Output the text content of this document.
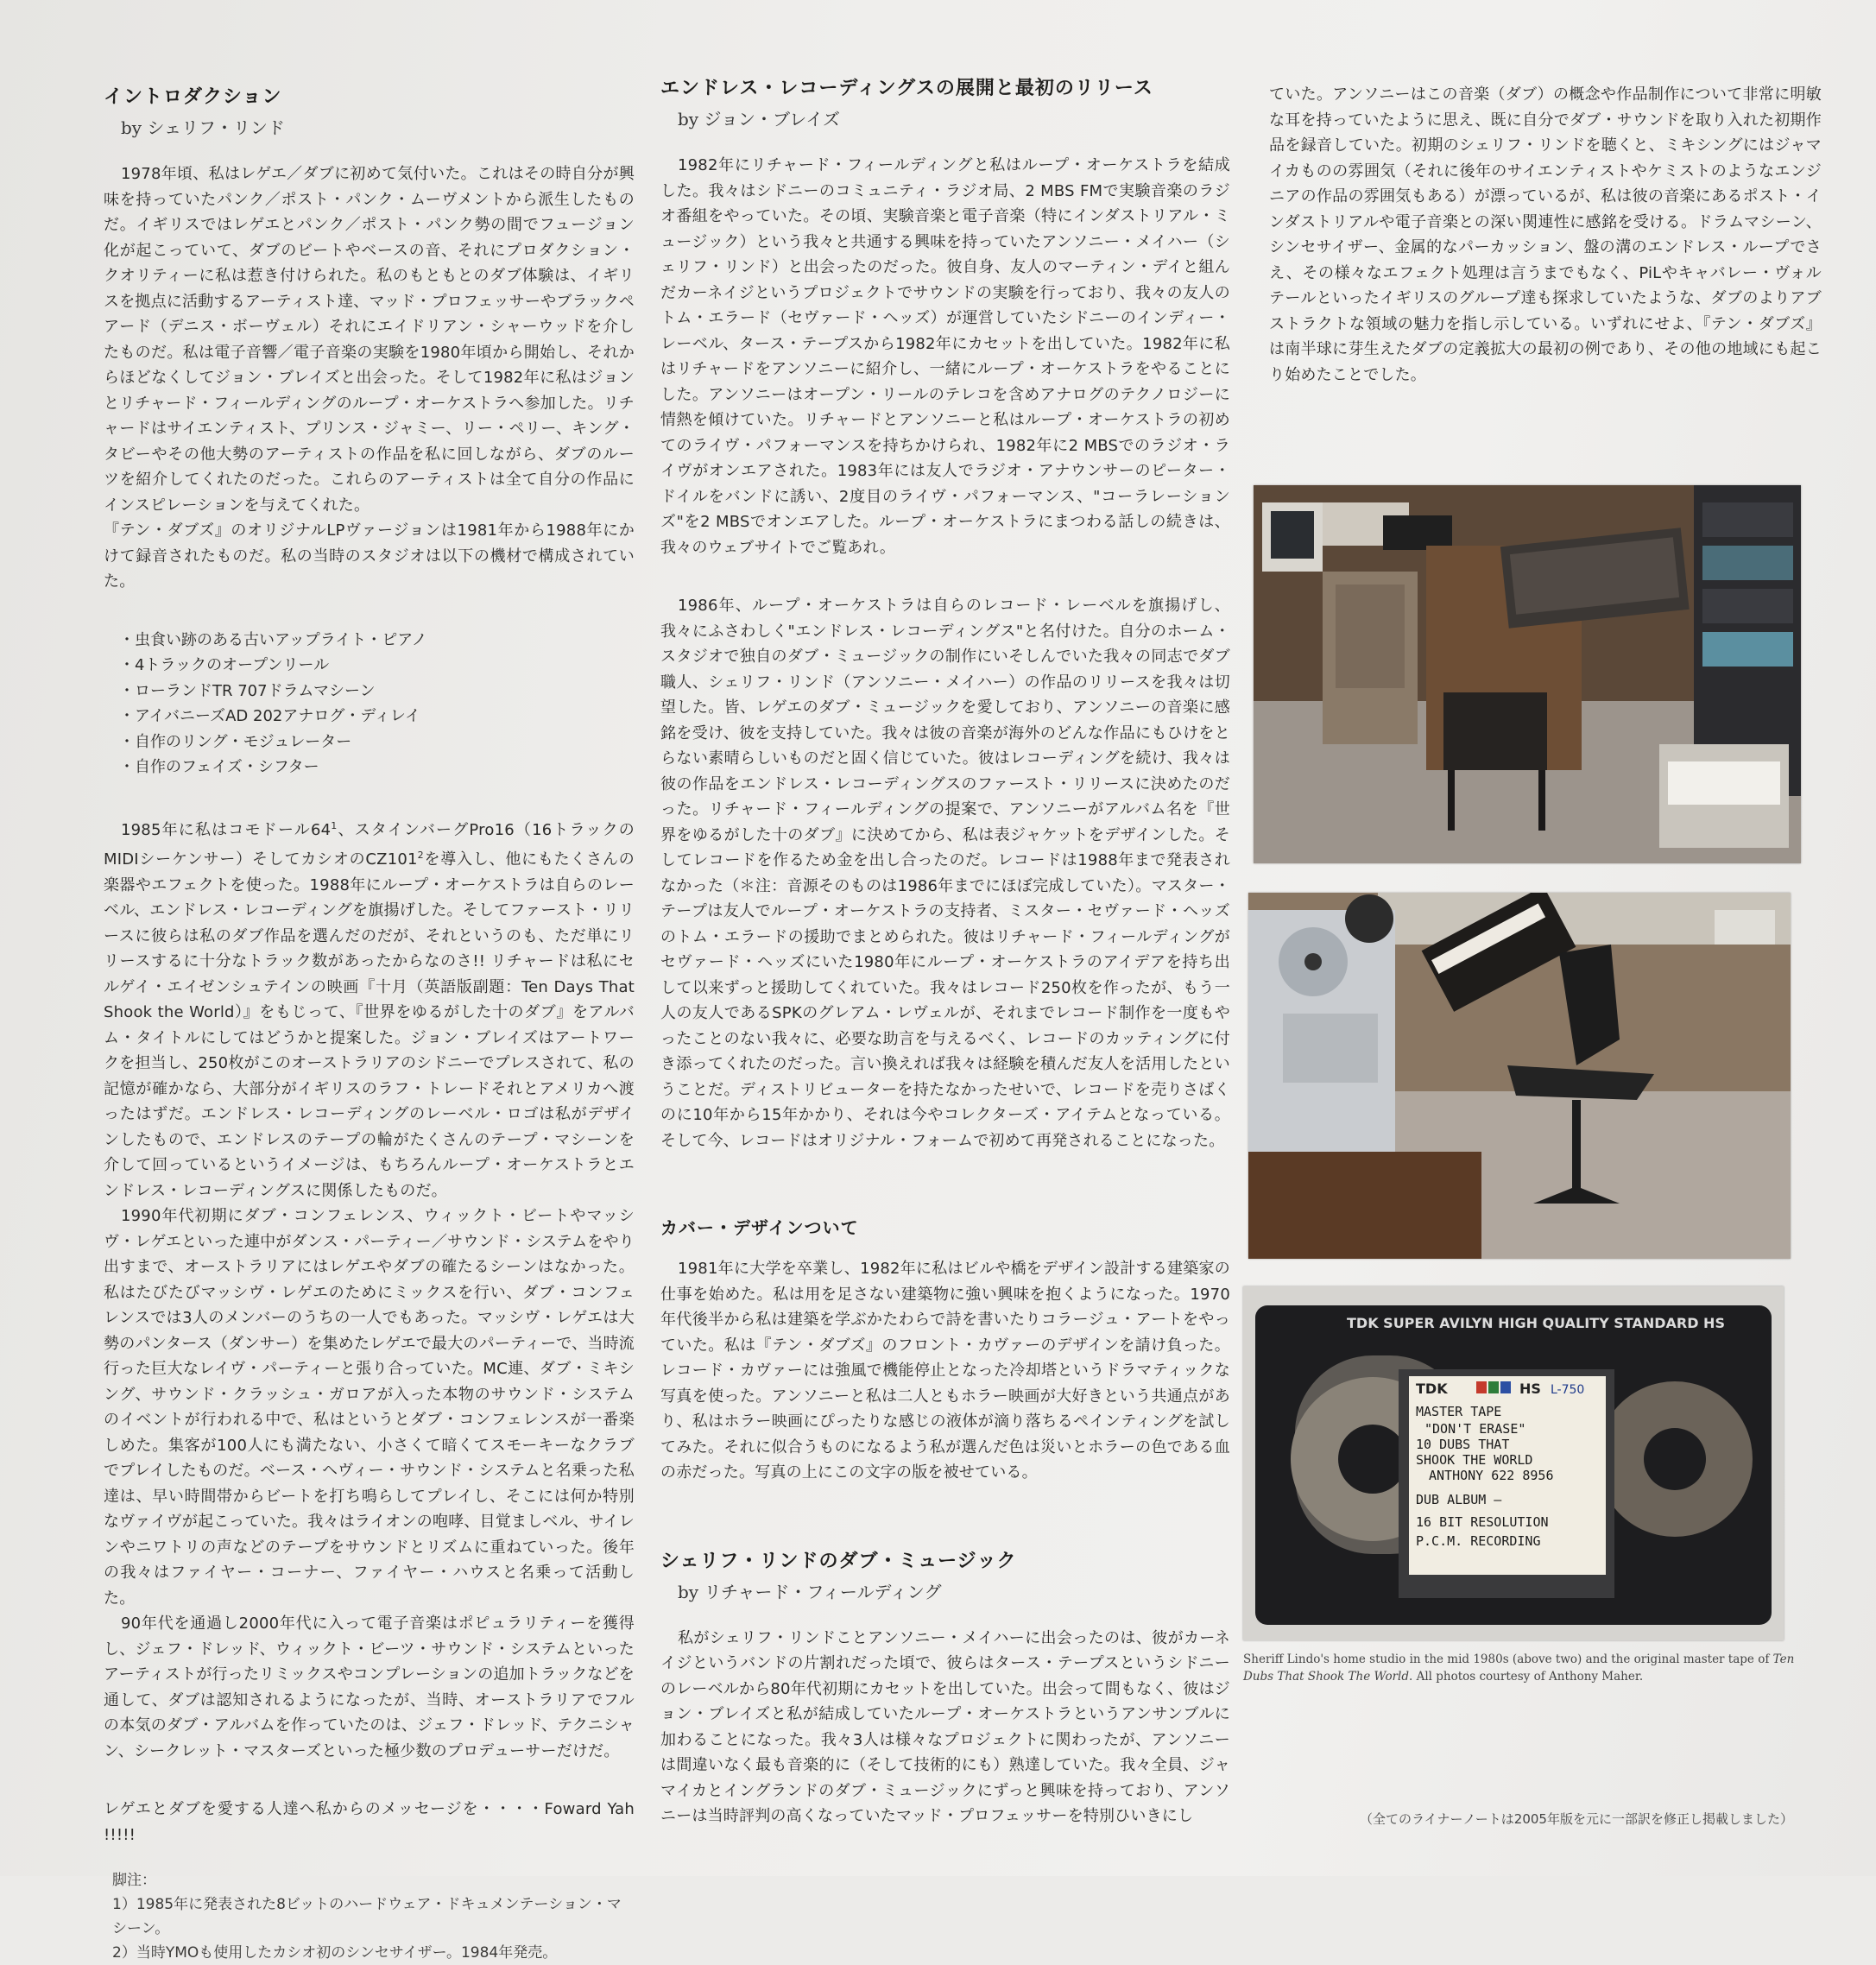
イントロダクション
by シェリフ・リンド

1978年頃、私はレゲエ／ダブに初めて気付いた。これはその時自分が興味を持っていたパンク／ポスト・パンク・ムーヴメントから派生したものだ。イギリスではレゲエとパンク／ポスト・パンク勢の間でフュージョン化が起こっていて、ダブのビートやベースの音、それにプロダクション・クオリティーに私は惹き付けられた。私のもともとのダブ体験は、イギリスを拠点に活動するアーティスト達、マッド・プロフェッサーやブラックペアード（デニス・ボーヴェル）それにエイドリアン・シャーウッドを介したものだ。私は電子音響／電子音楽の実験を1980年頃から開始し、それからほどなくしてジョン・ブレイズと出会った。そして1982年に私はジョンとリチャード・フィールディングのループ・オーケストラへ参加した。リチャードはサイエンティスト、プリンス・ジャミー、リー・ペリー、キング・タビーやその他大勢のアーティストの作品を私に回しながら、ダブのルーツを紹介してくれたのだった。これらのアーティストは全て自分の作品にインスピレーションを与えてくれた。

『テン・ダブズ』のオリジナルLPヴァージョンは1981年から1988年にかけて録音されたものだ。私の当時のスタジオは以下の機材で構成されていた。

・虫食い跡のある古いアップライト・ピアノ
・4トラックのオープンリール
・ローランドTR 707ドラムマシーン
・アイバニーズAD 202アナログ・ディレイ
・自作のリング・モジュレーター
・自作のフェイズ・シフター

1985年に私はコモドール$64^1$、スタインバーグPro16（16トラックのMIDIシーケンサー）そしてカシオの$CZ101^2$を導入し、他にもたくさんの楽器やエフェクトを使った。1988年にループ・オーケストラは自らのレーベル、エンドレス・レコーディングを旗揚げした。そしてファースト・リリースに彼らは私のダブ作品を選んだのだが、それというのも、ただ単にリリースするに十分なトラック数があったからなのさ!! リチャードは私にセルゲイ・エイゼンシュテインの映画『十月（英語版副題：Ten Days That Shook the World）』をもじって、『世界をゆるがした十のダブ』をアルバム・タイトルにしてはどうかと提案した。ジョン・ブレイズはアートワークを担当し、250枚がこのオーストラリアのシドニーでプレスされて、私の記憶が確かなら、大部分がイギリスのラフ・トレードそれとアメリカへ渡ったはずだ。エンドレス・レコーディングのレーベル・ロゴは私がデザインしたもので、エンドレスのテープの輪がたくさんのテープ・マシーンを介して回っているというイメージは、もちろんループ・オーケストラとエンドレス・レコーディングスに関係したものだ。

1990年代初期にダブ・コンフェレンス、ウィックト・ビートやマッシヴ・レゲエといった連中がダンス・パーティー／サウンド・システムをやり出すまで、オーストラリアにはレゲエやダブの確たるシーンはなかった。私はたびたびマッシヴ・レゲエのためにミックスを行い、ダブ・コンフェレンスでは3人のメンバーのうちの一人でもあった。マッシヴ・レゲエは大勢のパンタース（ダンサー）を集めたレゲエで最大のパーティーで、当時流行った巨大なレイヴ・パーティーと張り合っていた。MC連、ダブ・ミキシング、サウンド・クラッシュ・ガロアが入った本物のサウンド・システムのイベントが行われる中で、私はというとダブ・コンフェレンスが一番楽しめた。集客が100人にも満たない、小さくて暗くてスモーキーなクラブでプレイしたものだ。ベース・ヘヴィー・サウンド・システムと名乗った私達は、早い時間帯からビートを打ち鳴らしてプレイし、そこには何か特別なヴァイヴが起こっていた。我々はライオンの咆哮、目覚ましベル、サイレンやニワトリの声などのテープをサウンドとリズムに重ねていった。後年の我々はファイヤー・コーナー、ファイヤー・ハウスと名乗って活動した。

90年代を通過し2000年代に入って電子音楽はポピュラリティーを獲得し、ジェフ・ドレッド、ウィックト・ビーツ・サウンド・システムといったアーティストが行ったリミックスやコンプレーションの追加トラックなどを通して、ダブは認知されるようになったが、当時、オーストラリアでフルの本気のダブ・アルバムを作っていたのは、ジェフ・ドレッド、テクニシャン、シークレット・マスターズといった極少数のプロデューサーだけだ。

レゲエとダブを愛する人達へ私からのメッセージを・・・・Foward Yah !!!!!

脚注：
1）1985年に発表された8ビットのハードウェア・ドキュメンテーション・マシーン。
2）当時YMOも使用したカシオ初のシンセサイザー。1984年発売。
エンドレス・レコーディングスの展開と最初のリリース
by ジョン・ブレイズ

1982年にリチャード・フィールディングと私はループ・オーケストラを結成した。我々はシドニーのコミュニティ・ラジオ局、2 MBS FMで実験音楽のラジオ番組をやっていた。その頃、実験音楽と電子音楽（特にインダストリアル・ミュージック）という我々と共通する興味を持っていたアンソニー・メイハー（シェリフ・リンド）と出会ったのだった。彼自身、友人のマーティン・デイと組んだカーネイジというプロジェクトでサウンドの実験を行っており、我々の友人のトム・エラード（セヴァード・ヘッズ）が運営していたシドニーのインディー・レーベル、タース・テープスから1982年にカセットを出していた。1982年に私はリチャードをアンソニーに紹介し、一緒にループ・オーケストラをやることにした。アンソニーはオープン・リールのテレコを含めアナログのテクノロジーに情熱を傾けていた。リチャードとアンソニーと私はループ・オーケストラの初めてのライヴ・パフォーマンスを持ちかけられ、1982年に2 MBSでのラジオ・ライヴがオンエアされた。1983年には友人でラジオ・アナウンサーのピーター・ドイルをバンドに誘い、2度目のライヴ・パフォーマンス、"コーラレーションズ"を2 MBSでオンエアした。ループ・オーケストラにまつわる話しの続きは、我々のウェブサイトでご覧あれ。

1986年、ループ・オーケストラは自らのレコード・レーベルを旗揚げし、我々にふさわしく"エンドレス・レコーディングス"と名付けた。自分のホーム・スタジオで独自のダブ・ミュージックの制作にいそしんでいた我々の同志でダブ職人、シェリフ・リンド（アンソニー・メイハー）の作品のリリースを我々は切望した。皆、レゲエのダブ・ミュージックを愛しており、アンソニーの音楽に感銘を受け、彼を支持していた。我々は彼の音楽が海外のどんな作品にもひけをとらない素晴らしいものだと固く信じていた。彼はレコーディングを続け、我々は彼の作品をエンドレス・レコーディングスのファースト・リリースに決めたのだった。リチャード・フィールディングの提案で、アンソニーがアルバム名を『世界をゆるがした十のダブ』に決めてから、私は表ジャケットをデザインした。そしてレコードを作るため金を出し合ったのだ。レコードは1988年まで発表されなかった（＊注：音源そのものは1986年までにほぼ完成していた）。マスター・テープは友人でループ・オーケストラの支持者、ミスター・セヴァード・ヘッズのトム・エラードの援助でまとめられた。彼はリチャード・フィールディングがセヴァード・ヘッズにいた1980年にループ・オーケストラのアイデアを持ち出して以来ずっと援助してくれていた。我々はレコード250枚を作ったが、もう一人の友人であるSPKのグレアム・レヴェルが、それまでレコード制作を一度もやったことのない我々に、必要な助言を与えるべく、レコードのカッティングに付き添ってくれたのだった。言い換えれば我々は経験を積んだ友人を活用したということだ。ディストリビューターを持たなかったせいで、レコードを売りさばくのに10年から15年かかり、それは今やコレクターズ・アイテムとなっている。そして今、レコードはオリジナル・フォームで初めて再発されることになった。

カバー・デザインついて

1981年に大学を卒業し、1982年に私はビルや橋をデザイン設計する建築家の仕事を始めた。私は用を足さない建築物に強い興味を抱くようになった。1970年代後半から私は建築を学ぶかたわらで詩を書いたりコラージュ・アートをやっていた。私は『テン・ダブズ』のフロント・カヴァーのデザインを請け負った。レコード・カヴァーには強風で機能停止となった冷却塔というドラマティックな写真を使った。アンソニーと私は二人ともホラー映画が大好きという共通点があり、私はホラー映画にぴったりな感じの液体が滴り落ちるペインティングを試してみた。それに似合うものになるよう私が選んだ色は災いとホラーの色である血の赤だった。写真の上にこの文字の版を被せている。

シェリフ・リンドのダブ・ミュージック
by リチャード・フィールディング

私がシェリフ・リンドことアンソニー・メイハーに出会ったのは、彼がカーネイジというバンドの片割れだった頃で、彼らはタース・テープスというシドニーのレーベルから80年代初期にカセットを出していた。出会って間もなく、彼はジョン・ブレイズと私が結成していたループ・オーケストラというアンサンブルに加わることになった。我々3人は様々なプロジェクトに関わったが、アンソニーは間違いなく最も音楽的に（そして技術的にも）熟達していた。我々全員、ジャマイカとイングランドのダブ・ミュージックにずっと興味を持っており、アンソニーは当時評判の高くなっていたマッド・プロフェッサーを特別ひいきにし

ていた。アンソニーはこの音楽（ダブ）の概念や作品制作について非常に明敏な耳を持っていたように思え、既に自分でダブ・サウンドを取り入れた初期作品を録音していた。初期のシェリフ・リンドを聴くと、ミキシングにはジャマイカものの雰囲気（それに後年のサイエンティストやケミストのようなエンジニアの作品の雰囲気もある）が漂っているが、私は彼の音楽にあるポスト・インダストリアルや電子音楽との深い関連性に感銘を受ける。ドラムマシーン、シンセサイザー、金属的なパーカッション、盤の溝のエンドレス・ループでさえ、その様々なエフェクト処理は言うまでもなく、PiLやキャバレー・ヴォルテールといったイギリスのグループ達も探求していたような、ダブのよりアブストラクトな領域の魅力を指し示している。いずれにせよ、『テン・ダブズ』は南半球に芽生えたダブの定義拡大の最初の例であり、その他の地域にも起こり始めたことでした。

TDK SUPER AVILYN HIGH QUALITY STANDARD HS
TDK	HS L-750
MASTER TAPE
"DON'T ERASE"
10 DUBS THAT
SHOOK THE WORLD
ANTHONY 622 8956
DUB ALBUM —
16 BIT RESOLUTION
P.C.M. RECORDING
Sheriff Lindo's home studio in the mid 1980s (above two) and the original master tape of Ten Dubs That Shook The World. All photos courtesy of Anthony Maher.
（全てのライナーノートは2005年版を元に一部訳を修正し掲載しました）
